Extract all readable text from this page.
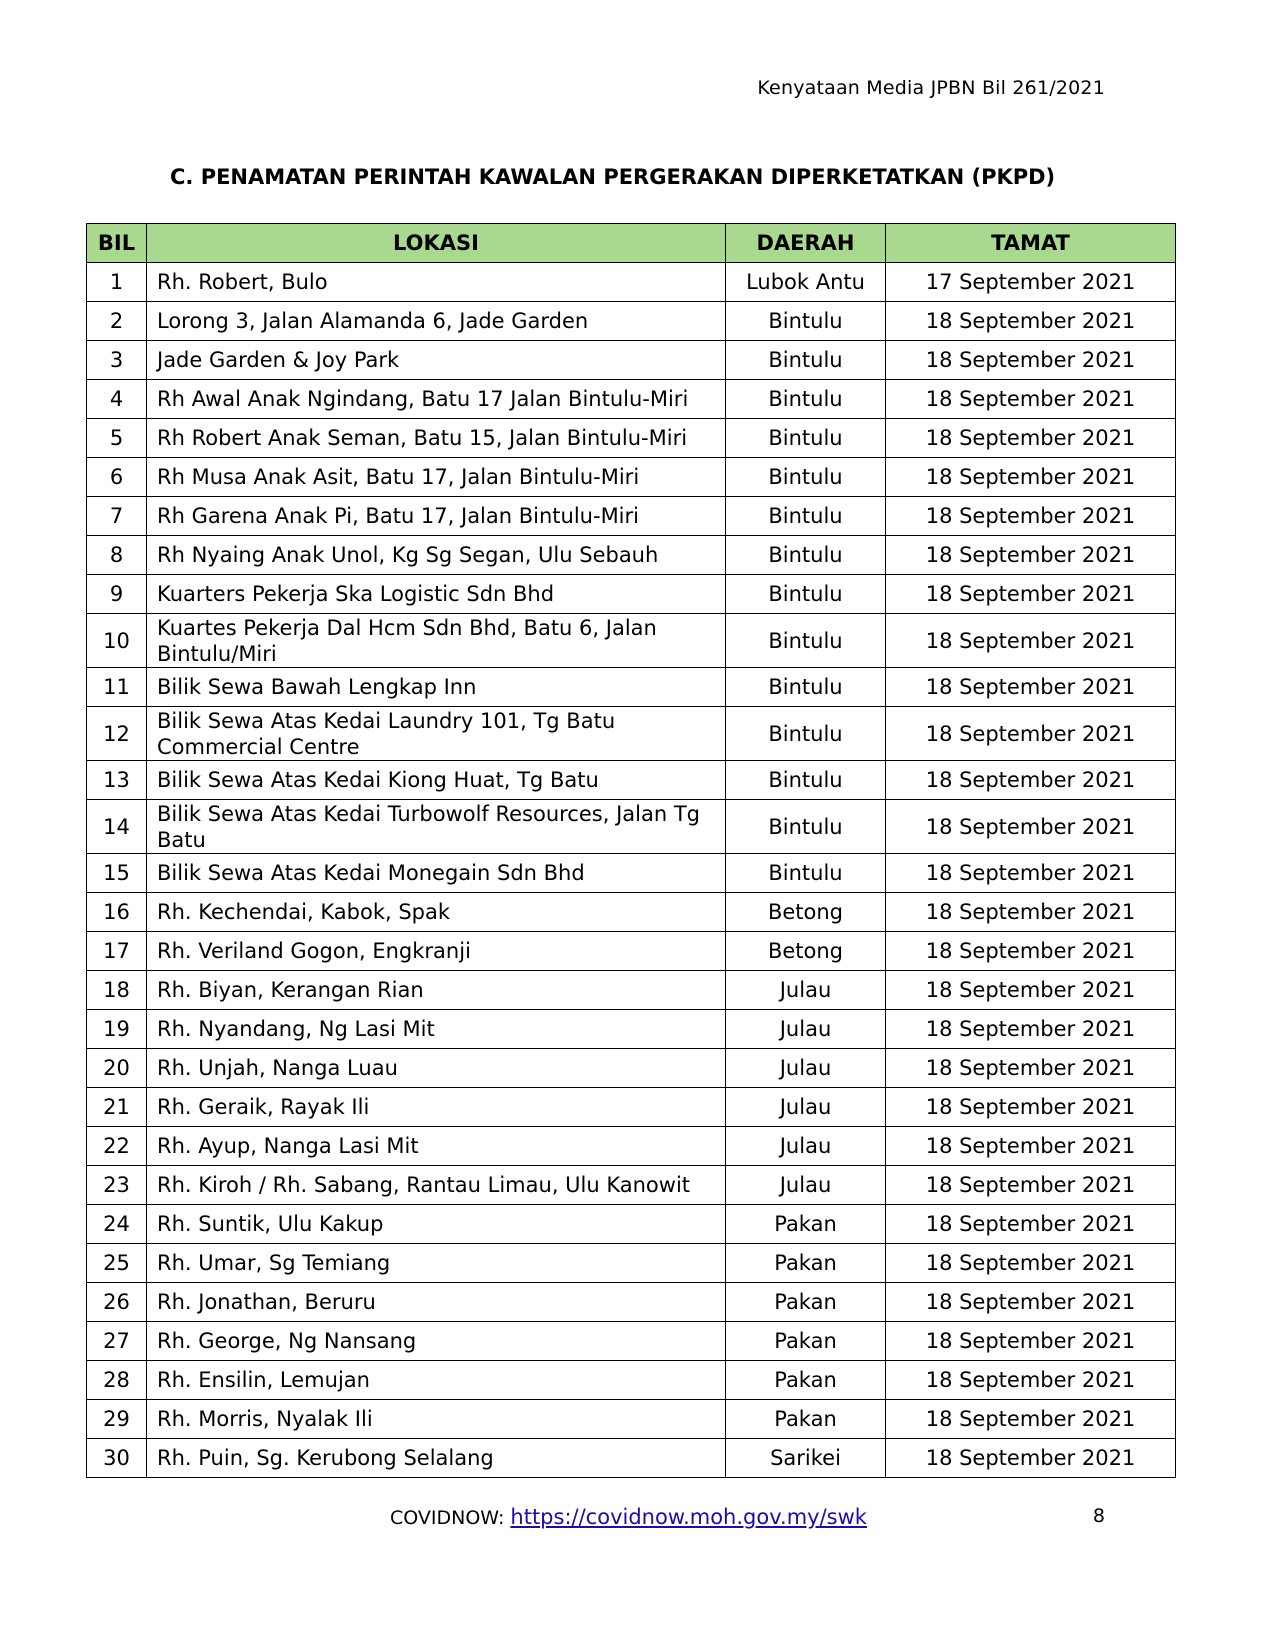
Kenyataan Media JPBN Bil 261/2021
C. PENAMATAN PERINTAH KAWALAN PERGERAKAN DIPERKETATKAN (PKPD)
BIL	LOKASI	DAERAH	TAMAT
1	Rh. Robert, Bulo	Lubok Antu	17 September 2021
2	Lorong 3, Jalan Alamanda 6, Jade Garden	Bintulu	18 September 2021
3	Jade Garden & Joy Park	Bintulu	18 September 2021
4	Rh Awal Anak Ngindang, Batu 17 Jalan Bintulu-Miri	Bintulu	18 September 2021
5	Rh Robert Anak Seman, Batu 15, Jalan Bintulu-Miri	Bintulu	18 September 2021
6	Rh Musa Anak Asit, Batu 17, Jalan Bintulu-Miri	Bintulu	18 September 2021
7	Rh Garena Anak Pi, Batu 17, Jalan Bintulu-Miri	Bintulu	18 September 2021
8	Rh Nyaing Anak Unol, Kg Sg Segan, Ulu Sebauh	Bintulu	18 September 2021
9	Kuarters Pekerja Ska Logistic Sdn Bhd	Bintulu	18 September 2021
10	Kuartes Pekerja Dal Hcm Sdn Bhd, Batu 6, Jalan Bintulu/Miri	Bintulu	18 September 2021
11	Bilik Sewa Bawah Lengkap Inn	Bintulu	18 September 2021
12	Bilik Sewa Atas Kedai Laundry 101, Tg Batu Commercial Centre	Bintulu	18 September 2021
13	Bilik Sewa Atas Kedai Kiong Huat, Tg Batu	Bintulu	18 September 2021
14	Bilik Sewa Atas Kedai Turbowolf Resources, Jalan Tg Batu	Bintulu	18 September 2021
15	Bilik Sewa Atas Kedai Monegain Sdn Bhd	Bintulu	18 September 2021
16	Rh. Kechendai, Kabok, Spak	Betong	18 September 2021
17	Rh. Veriland Gogon, Engkranji	Betong	18 September 2021
18	Rh. Biyan, Kerangan Rian	Julau	18 September 2021
19	Rh. Nyandang, Ng Lasi Mit	Julau	18 September 2021
20	Rh. Unjah, Nanga Luau	Julau	18 September 2021
21	Rh. Geraik, Rayak Ili	Julau	18 September 2021
22	Rh. Ayup, Nanga Lasi Mit	Julau	18 September 2021
23	Rh. Kiroh / Rh. Sabang, Rantau Limau, Ulu Kanowit	Julau	18 September 2021
24	Rh. Suntik, Ulu Kakup	Pakan	18 September 2021
25	Rh. Umar, Sg Temiang	Pakan	18 September 2021
26	Rh. Jonathan, Beruru	Pakan	18 September 2021
27	Rh. George, Ng Nansang	Pakan	18 September 2021
28	Rh. Ensilin, Lemujan	Pakan	18 September 2021
29	Rh. Morris, Nyalak Ili	Pakan	18 September 2021
30	Rh. Puin, Sg. Kerubong Selalang	Sarikei	18 September 2021
COVIDNOW: https://covidnow.moh.gov.my/swk	8
